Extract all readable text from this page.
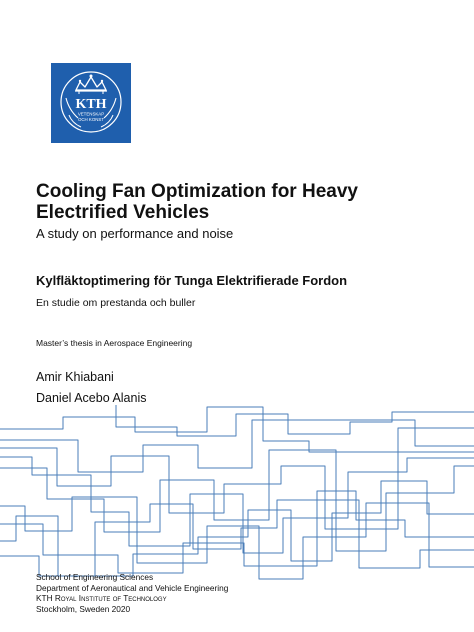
KTH
VETENSKAP
OCH KONST
Cooling Fan Optimization for Heavy Electrified Vehicles
A study on performance and noise
Kylfläktoptimering för Tunga Elektrifierade Fordon
En studie om prestanda och buller
Master’s thesis in Aerospace Engineering
Amir Khiabani
Daniel Acebo Alanis
School of Engineering Sciences
Department of Aeronautical and Vehicle Engineering
KTH Royal Institute of Technology
Stockholm, Sweden 2020
